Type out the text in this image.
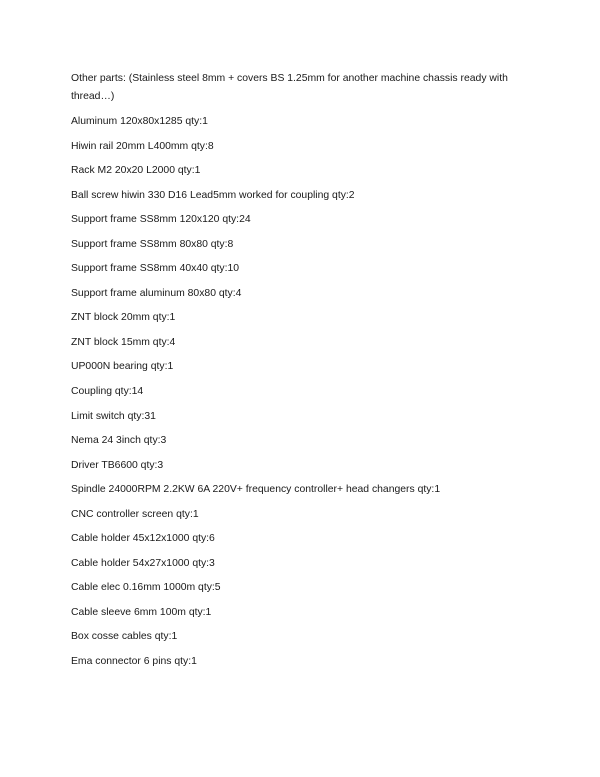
Other parts: (Stainless steel 8mm + covers BS 1.25mm for another machine chassis ready with thread…)

Aluminum 120x80x1285 qty:1
Hiwin rail 20mm L400mm qty:8
Rack M2 20x20 L2000 qty:1
Ball screw hiwin 330 D16 Lead5mm worked for coupling qty:2
Support frame SS8mm 120x120 qty:24
Support frame SS8mm 80x80 qty:8
Support frame SS8mm 40x40 qty:10
Support frame aluminum 80x80 qty:4
ZNT block 20mm qty:1
ZNT block 15mm qty:4
UP000N bearing qty:1
Coupling qty:14
Limit switch qty:31
Nema 24 3inch qty:3
Driver TB6600 qty:3
Spindle 24000RPM 2.2KW 6A 220V+ frequency controller+ head changers qty:1
CNC controller screen qty:1
Cable holder 45x12x1000 qty:6
Cable holder 54x27x1000 qty:3
Cable elec 0.16mm 1000m qty:5
Cable sleeve 6mm 100m qty:1
Box cosse cables qty:1
Ema connector 6 pins qty:1
